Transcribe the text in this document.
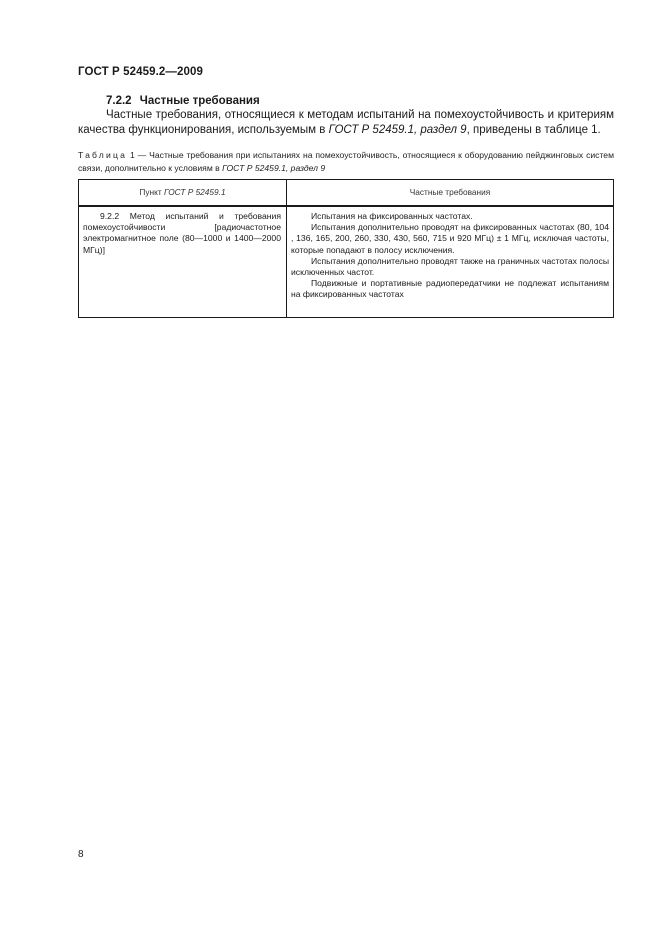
ГОСТ Р 52459.2—2009
7.2.2 Частные требования
Частные требования, относящиеся к методам испытаний на помехоустойчивость и критериям качества функционирования, используемым в ГОСТ Р 52459.1, раздел 9, приведены в таблице 1.
Таблица 1 — Частные требования при испытаниях на помехоустойчивость, относящиеся к оборудованию пейджинговых систем связи, дополнительно к условиям в ГОСТ Р 52459.1, раздел 9
Пункт ГОСТ Р 52459.1	Частные требования

9.2.2 Метод испытаний и требования помехоустойчивости [радиочастотное электромагнитное поле (80—1000 и 1400—2000 МГц)]

Испытания на фиксированных частотах.

Испытания дополнительно проводят на фиксированных частотах (80, 104 , 136, 165, 200, 260, 330, 430, 560, 715 и 920 МГц) ± 1 МГц, исключая частоты, которые попадают в полосу исключения.

Испытания дополнительно проводят также на граничных частотах полосы исключенных частот.

Подвижные и портативные радиопередатчики не подлежат испытаниям на фиксированных частотах

8
